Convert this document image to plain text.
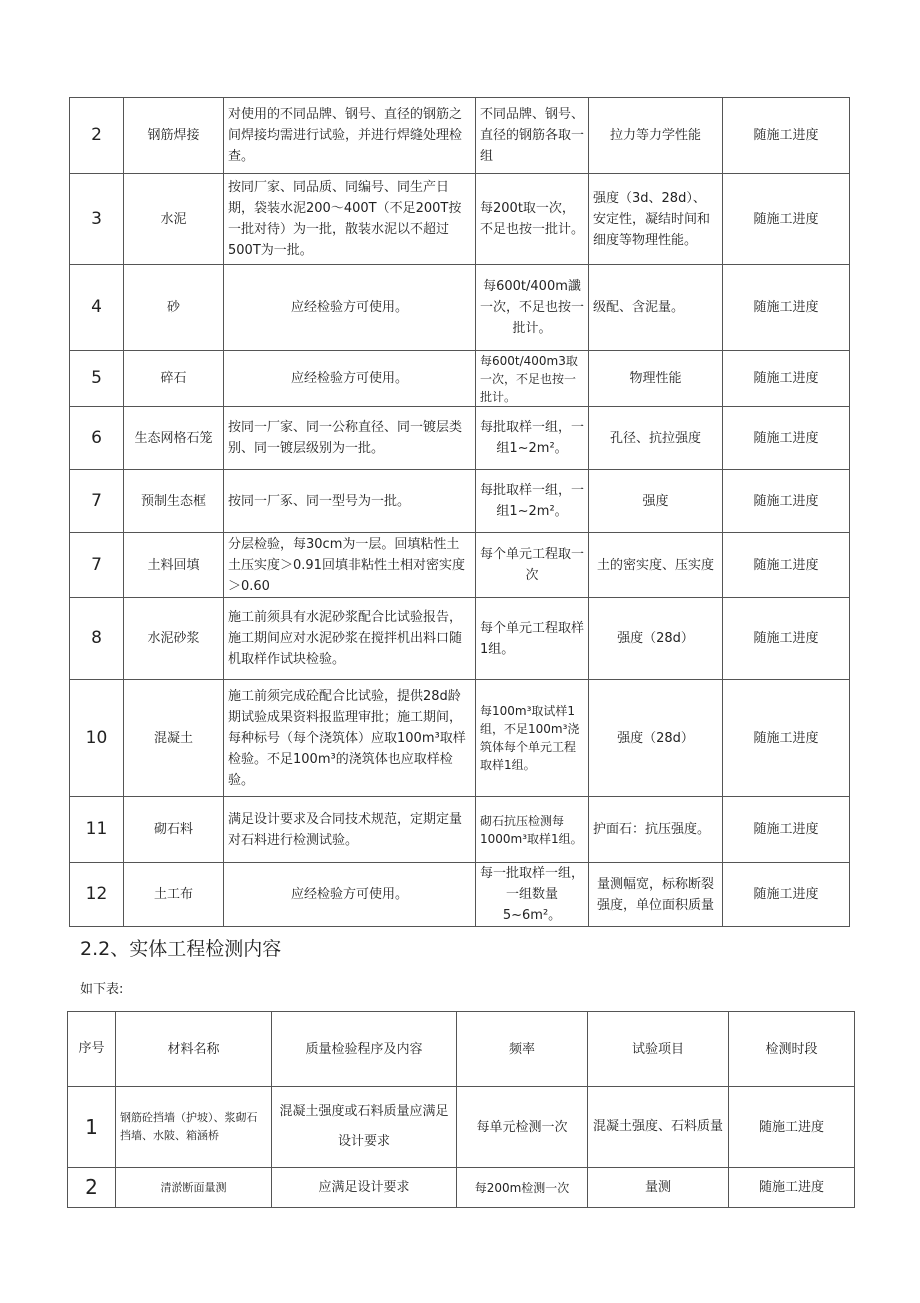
2	钢筋焊接	对使用的不同品牌、钢号、直径的钢筋之间焊接均需进行试验，并进行焊缝处理检查。	不同品牌、钢号、直径的钢筋各取一组	拉力等力学性能	随施工进度
3	水泥	按同厂家、同品质、同编号、同生产日期，袋装水泥200～400T（不足200T按一批对待）为一批，散装水泥以不超过500T为一批。	每200t取一次，不足也按一批计。	强度（3d、28d）、安定性，凝结时间和细度等物理性能。	随施工进度
4	砂	应经检验方可使用。	每600t/400m讖一次，不足也按一批计。	级配、含泥量。	随施工进度
5	碎石	应经检验方可使用。	每600t/400m3取一次，不足也按一批计。	物理性能	随施工进度
6	生态网格石笼	按同一厂家、同一公称直径、同一镀层类别、同一镀层级别为一批。	每批取样一组，一组1~2m²。	孔径、抗拉强度	随施工进度
7	预制生态框	按同一厂豖、同一型号为一批。	每批取样一组，一组1~2m²。	强度	随施工进度
7	土料回填	分层检验，每30cm为一层。回填粘性土土压实度＞0.91回填非粘性土相对密实度＞0.60	每个单元工程取一次	土的密实度、压实度	随施工进度
8	水泥砂浆	施工前须具有水泥砂浆配合比试验报告，施工期间应对水泥砂浆在搅拌机出料口随机取样作试块检验。	每个单元工程取样1组。	强度（28d）	随施工进度
10	混凝土	施工前须完成砼配合比试验，提供28d龄期试验成果资料报监理审批；施工期间，每种标号（每个浇筑体）应取100m³取样检验。不足100m³的浇筑体也应取样检验。	每100m³取试样1组，不足100m³浇筑体每个单元工程取样1组。	强度（28d）	随施工进度
11	砌石料	满足设计要求及合同技术规范，定期定量对石料进行检测试验。	砌石抗压检测每1000m³取样1组。	护面石：抗压强度。	随施工进度
12	土工布	应经检验方可使用。	每一批取样一组，一组数量5~6m²。	量测幅宽，标称断裂强度，单位面积质量	随施工进度
2.2、实体工程检测内容
如下表:
序号	材料名称	质量检验程序及内容	频率	试验项目	检测时段
1	钢筋砼挡墙（护坡）、浆砌石挡墙、水陂、箱涵桥	混凝土强度或石料质量应满足设计要求	每单元检测一次	混凝土强度、石料质量	随施工进度
2	清淤断面量测	应满足设计要求	每200m检测一次	量测	随施工进度
